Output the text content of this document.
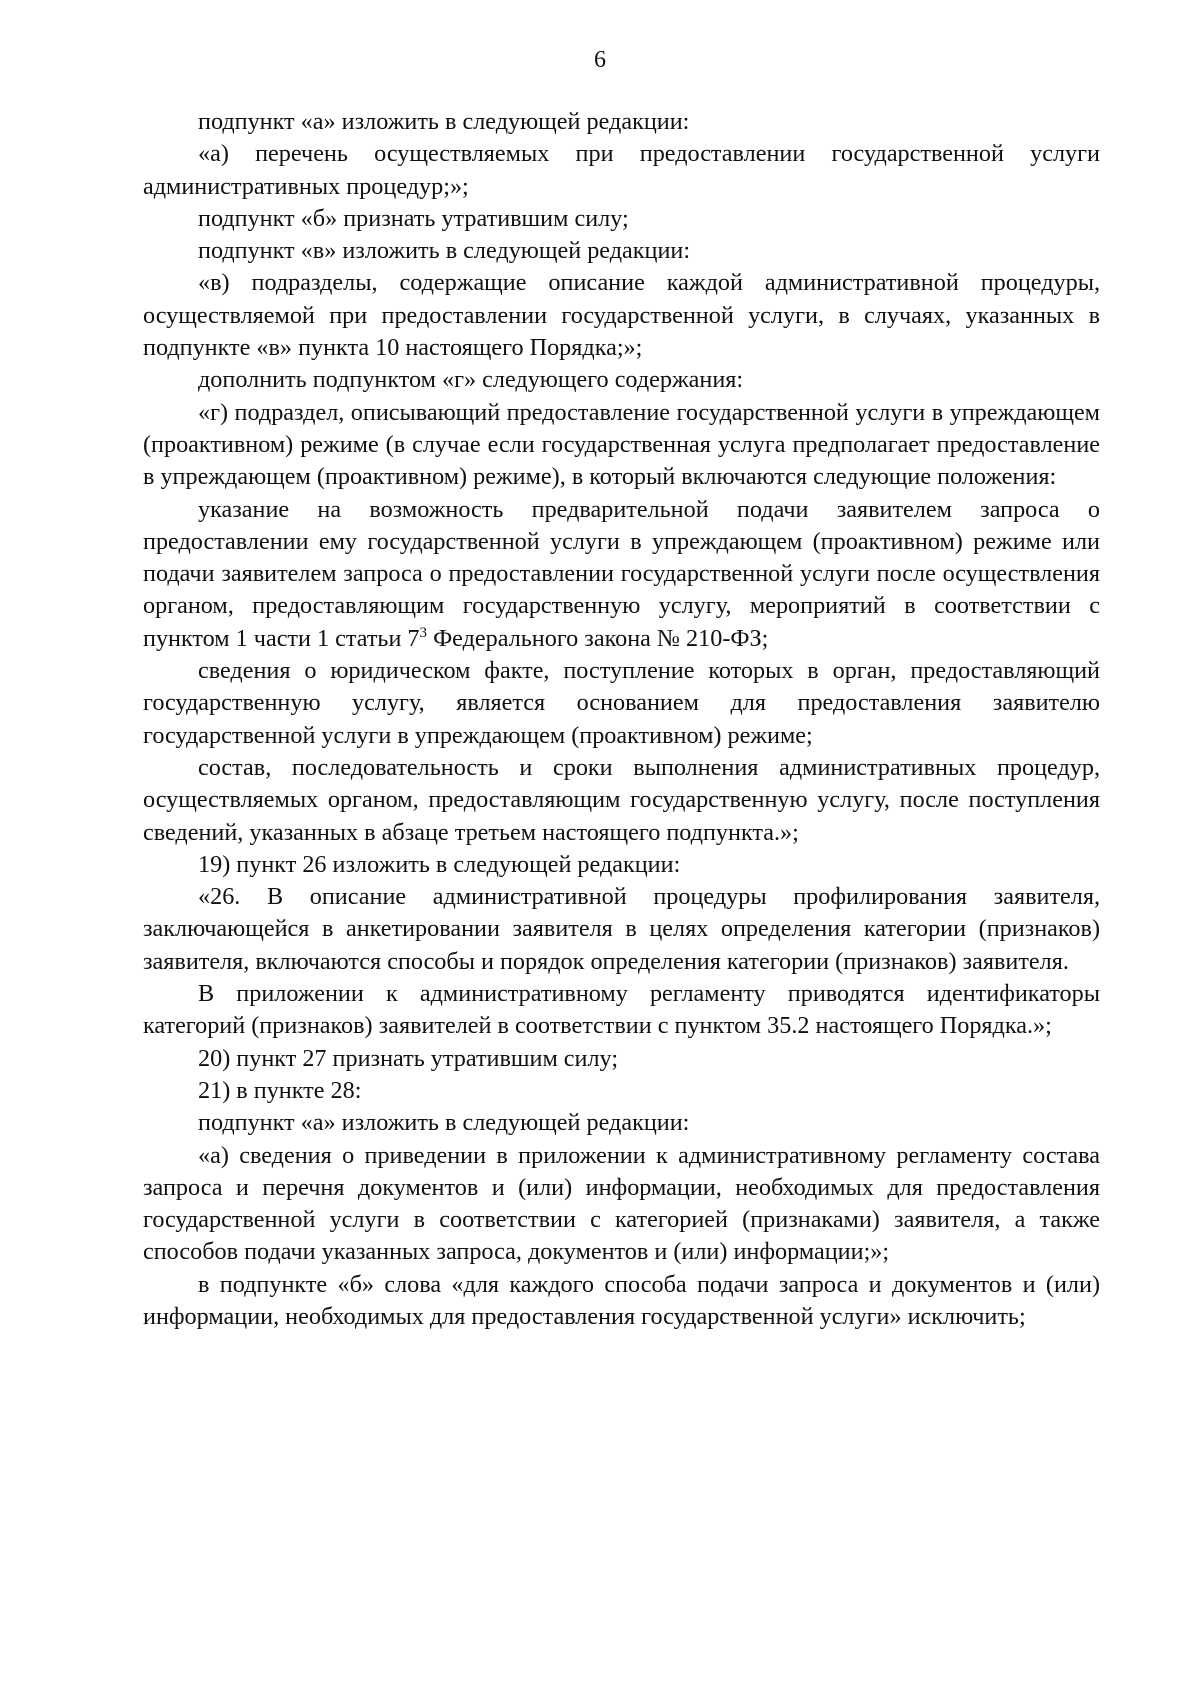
6

подпункт «а» изложить в следующей редакции:

«а) перечень осуществляемых при предоставлении государственной услуги административных процедур;»;

подпункт «б» признать утратившим силу;

подпункт «в» изложить в следующей редакции:

«в) подразделы, содержащие описание каждой административной процедуры, осуществляемой при предоставлении государственной услуги, в случаях, указанных в подпункте «в» пункта 10 настоящего Порядка;»;

дополнить подпунктом «г» следующего содержания:

«г) подраздел, описывающий предоставление государственной услуги в упреждающем (проактивном) режиме (в случае если государственная услуга предполагает предоставление в упреждающем (проактивном) режиме), в который включаются следующие положения:

указание на возможность предварительной подачи заявителем запроса о предоставлении ему государственной услуги в упреждающем (проактивном) режиме или подачи заявителем запроса о предоставлении государственной услуги после осуществления органом, предоставляющим государственную услугу, мероприятий в соответствии с пунктом 1 части 1 статьи $7^3$ Федерального закона № 210-ФЗ;

сведения о юридическом факте, поступление которых в орган, предоставляющий государственную услугу, является основанием для предоставления заявителю государственной услуги в упреждающем (проактивном) режиме;

состав, последовательность и сроки выполнения административных процедур, осуществляемых органом, предоставляющим государственную услугу, после поступления сведений, указанных в абзаце третьем настоящего подпункта.»;

19) пункт 26 изложить в следующей редакции:

«26. В описание административной процедуры профилирования заявителя, заключающейся в анкетировании заявителя в целях определения категории (признаков) заявителя, включаются способы и порядок определения категории (признаков) заявителя.

В приложении к административному регламенту приводятся идентификаторы категорий (признаков) заявителей в соответствии с пунктом 35.2 настоящего Порядка.»;

20) пункт 27 признать утратившим силу;

21) в пункте 28:

подпункт «а» изложить в следующей редакции:

«а) сведения о приведении в приложении к административному регламенту состава запроса и перечня документов и (или) информации, необходимых для предоставления государственной услуги в соответствии с категорией (признаками) заявителя, а также способов подачи указанных запроса, документов и (или) информации;»;

в подпункте «б» слова «для каждого способа подачи запроса и документов и (или) информации, необходимых для предоставления государственной услуги» исключить;
